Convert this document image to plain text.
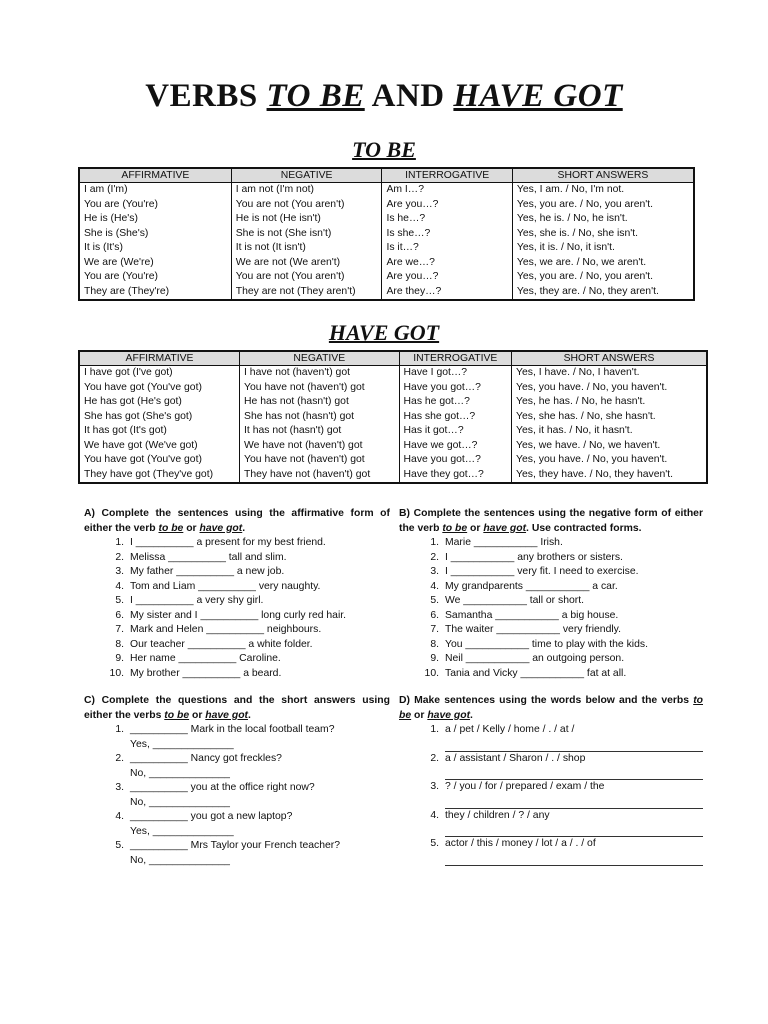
VERBS TO BE AND HAVE GOT
TO BE
AFFIRMATIVE	NEGATIVE	INTERROGATIVE	SHORT ANSWERS
I am (I'm)	I am not (I'm not)	Am I…?	Yes, I am. / No, I'm not.
You are (You're)	You are not (You aren't)	Are you…?	Yes, you are. / No, you aren't.
He is (He's)	He is not (He isn't)	Is he…?	Yes, he is. / No, he isn't.
She is (She's)	She is not (She isn't)	Is she…?	Yes, she is. / No, she isn't.
It is (It's)	It is not (It isn't)	Is it…?	Yes, it is. / No, it isn't.
We are (We're)	We are not (We aren't)	Are we…?	Yes, we are. / No, we aren't.
You are (You're)	You are not (You aren't)	Are you…?	Yes, you are. / No, you aren't.
They are (They're)	They are not (They aren't)	Are they…?	Yes, they are. / No, they aren't.
HAVE GOT
AFFIRMATIVE	NEGATIVE	INTERROGATIVE	SHORT ANSWERS
I have got (I've got)	I have not (haven't) got	Have I got…?	Yes, I have. / No, I haven't.
You have got (You've got)	You have not (haven't) got	Have you got…?	Yes, you have. / No, you haven't.
He has got (He's got)	He has not (hasn't) got	Has he got…?	Yes, he has. / No, he hasn't.
She has got (She's got)	She has not (hasn't) got	Has she got…?	Yes, she has. / No, she hasn't.
It has got (It's got)	It has not (hasn't) got	Has it got…?	Yes, it has. / No, it hasn't.
We have got (We've got)	We have not (haven't) got	Have we got…?	Yes, we have. / No, we haven't.
You have got (You've got)	You have not (haven't) got	Have you got…?	Yes, you have. / No, you haven't.
They have got (They've got)	They have not (haven't) got	Have they got…?	Yes, they have. / No, they haven't.
A) Complete the sentences using the affirmative form of either the verb to be or have got.
1. I __________ a present for my best friend.
2. Melissa __________ tall and slim.
3. My father __________ a new job.
4. Tom and Liam __________ very naughty.
5. I __________ a very shy girl.
6. My sister and I __________ long curly red hair.
7. Mark and Helen __________ neighbours.
8. Our teacher __________ a white folder.
9. Her name __________ Caroline.
10. My brother __________ a beard.
B) Complete the sentences using the negative form of either the verb to be or have got. Use contracted forms.
1. Marie ___________ Irish.
2. I ___________ any brothers or sisters.
3. I ___________ very fit. I need to exercise.
4. My grandparents ___________ a car.
5. We ___________ tall or short.
6. Samantha ___________ a big house.
7. The waiter ___________ very friendly.
8. You ___________ time to play with the kids.
9. Neil ___________ an outgoing person.
10. Tania and Vicky ___________ fat at all.
C) Complete the questions and the short answers using either the verbs to be or have got.
1. __________ Mark in the local football team?
Yes, ______________
2. __________ Nancy got freckles?
No, ______________
3. __________ you at the office right now?
No, ______________
4. __________ you got a new laptop?
Yes, ______________
5. __________ Mrs Taylor your French teacher?
No, ______________
D) Make sentences using the words below and the verbs to be or have got.
1. a / pet / Kelly / home / . / at /
2. a / assistant / Sharon / . / shop
3. ? / you / for / prepared / exam / the
4. they / children / ? / any
5. actor / this / money / lot / a / . / of
